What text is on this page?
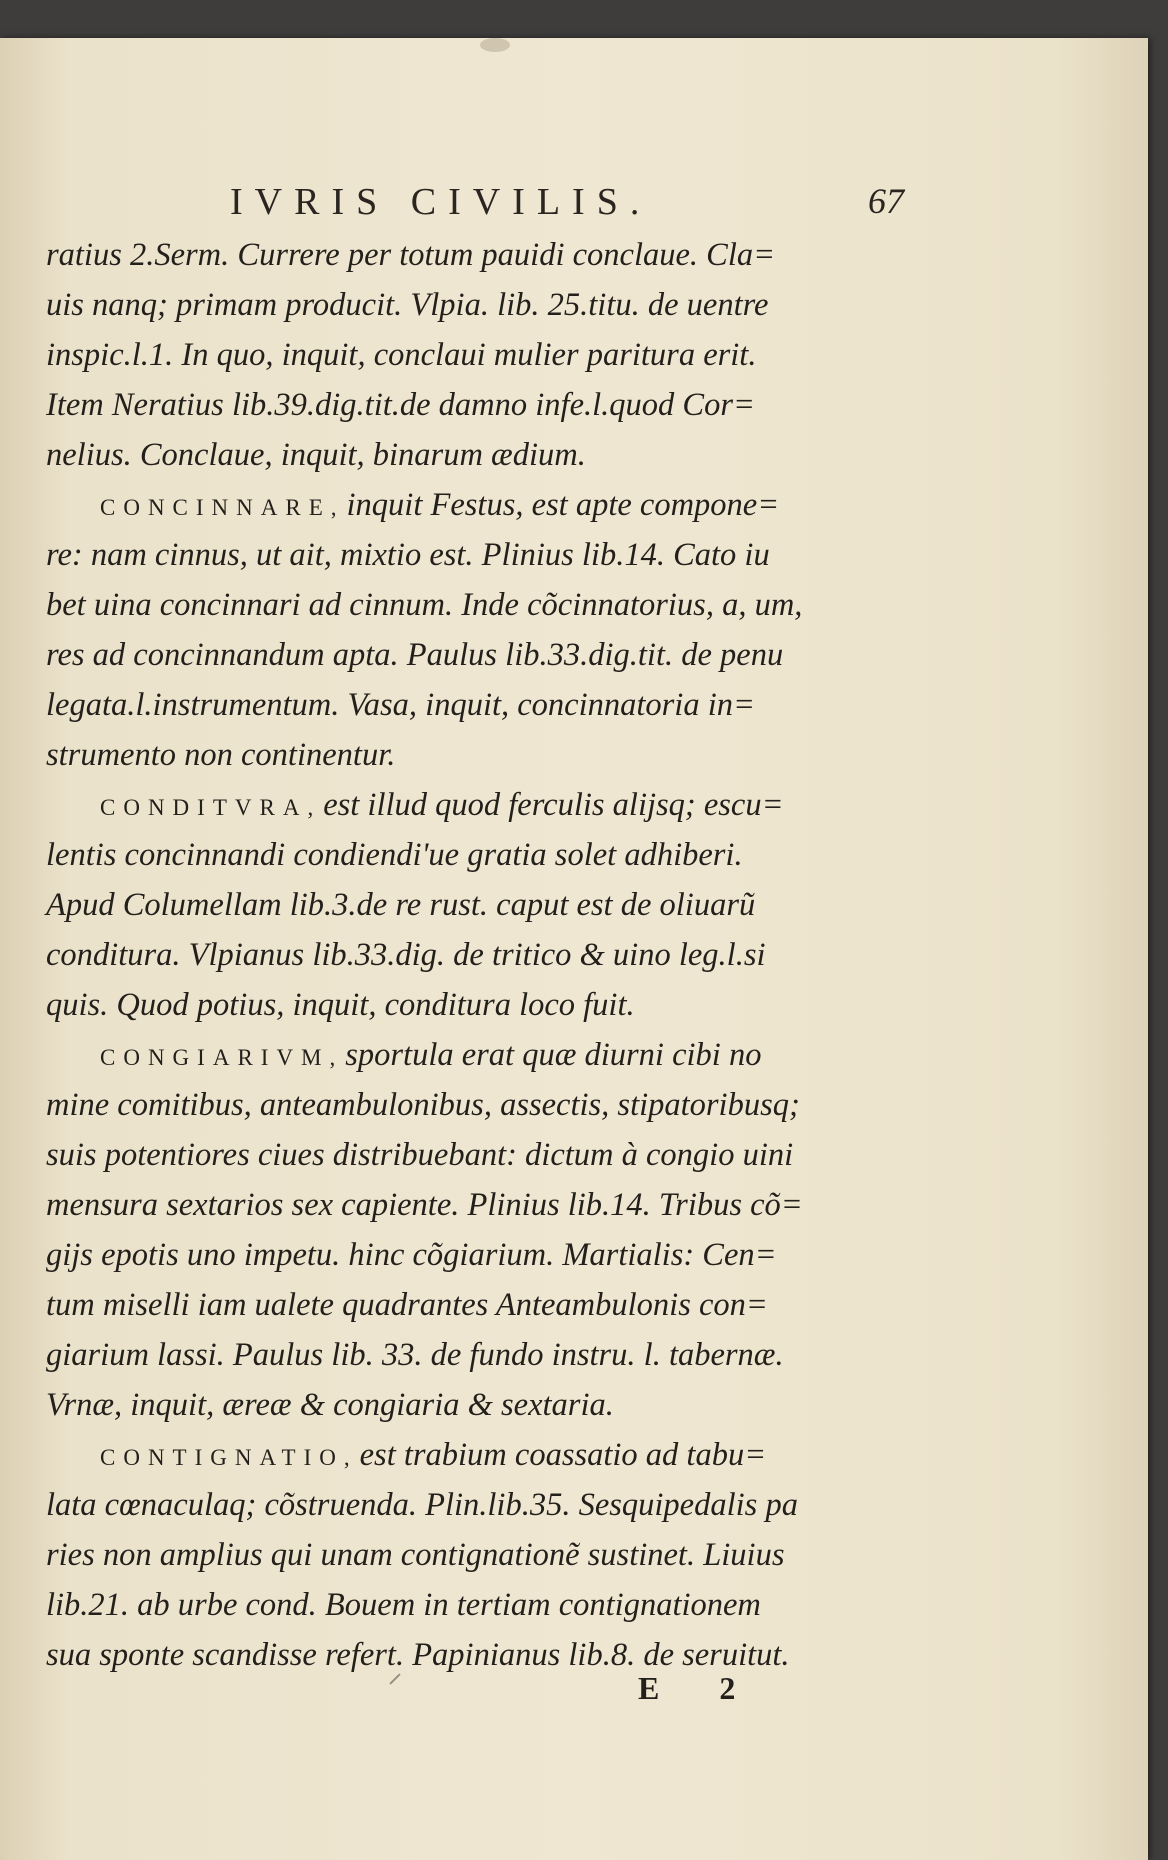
IVRIS CIVILIS.	67
ratius 2.Serm. Currere per totum pauidi conclaue. Cla=
uis nanq; primam producit. Vlpia. lib. 25.titu. de uentre
inspic.l.1. In quo, inquit, conclaui mulier paritura erit.
Item Neratius lib.39.dig.tit.de damno infe.l.quod Cor=
nelius. Conclaue, inquit, binarum ædium.
CONCINNARE,inquit Festus, est apte compone=
re: nam cinnus, ut ait, mixtio est. Plinius lib.14. Cato iu
bet uina concinnari ad cinnum. Inde cõcinnatorius, a, um,
res ad concinnandum apta. Paulus lib.33.dig.tit. de penu
legata.l.instrumentum. Vasa, inquit, concinnatoria in=
strumento non continentur.
CONDITVRA,est illud quod ferculis alijsq; escu=
lentis concinnandi condiendi'ue gratia solet adhiberi.
Apud Columellam lib.3.de re rust. caput est de oliuarũ
conditura. Vlpianus lib.33.dig. de tritico & uino leg.l.si
quis. Quod potius, inquit, conditura loco fuit.
CONGIARIVM,sportula erat quæ diurni cibi no
mine comitibus, anteambulonibus, assectis, stipatoribusq;
suis potentiores ciues distribuebant: dictum à congio uini
mensura sextarios sex capiente. Plinius lib.14. Tribus cõ=
gijs epotis uno impetu. hinc cõgiarium. Martialis: Cen=
tum miselli iam ualete quadrantes Anteambulonis con=
giarium lassi. Paulus lib. 33. de fundo instru. l. tabernæ.
Vrnæ, inquit, æreæ & congiaria & sextaria.
CONTIGNATIO,est trabium coassatio ad tabu=
lata cœnaculaq; cõstruenda. Plin.lib.35. Sesquipedalis pa
ries non amplius qui unam contignationẽ sustinet. Liuius
lib.21. ab urbe cond. Bouem in tertiam contignationem
sua sponte scandisse refert. Papinianus lib.8. de seruitut.
E 2
